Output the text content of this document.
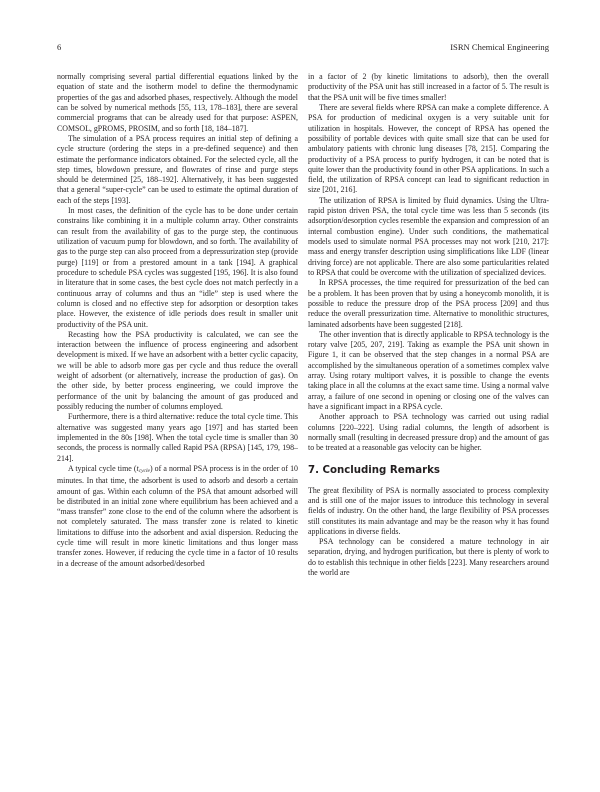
6	ISRN Chemical Engineering

normally comprising several partial differential equations linked by the equation of state and the isotherm model to define the thermodynamic properties of the gas and adsorbed phases, respectively. Although the model can be solved by numerical methods [55, 113, 178–183], there are several commercial programs that can be already used for that purpose: ASPEN, COMSOL, gPROMS, PROSIM, and so forth [18, 184–187].

The simulation of a PSA process requires an initial step of defining a cycle structure (ordering the steps in a pre-defined sequence) and then estimate the performance indicators obtained. For the selected cycle, all the step times, blowdown pressure, and flowrates of rinse and purge steps should be determined [25, 188–192]. Alternatively, it has been suggested that a general “super-cycle” can be used to estimate the optimal duration of each of the steps [193].

In most cases, the definition of the cycle has to be done under certain constrains like combining it in a multiple column array. Other constraints can result from the availability of gas to the purge step, the continuous utilization of vacuum pump for blowdown, and so forth. The availability of gas to the purge step can also proceed from a depressurization step (provide purge) [119] or from a prestored amount in a tank [194]. A graphical procedure to schedule PSA cycles was suggested [195, 196]. It is also found in literature that in some cases, the best cycle does not match perfectly in a continuous array of columns and thus an “idle” step is used where the column is closed and no effective step for adsorption or desorption takes place. However, the existence of idle periods does result in smaller unit productivity of the PSA unit.

Recasting how the PSA productivity is calculated, we can see the interaction between the influence of process engineering and adsorbent development is mixed. If we have an adsorbent with a better cyclic capacity, we will be able to adsorb more gas per cycle and thus reduce the overall weight of adsorbent (or alternatively, increase the production of gas). On the other side, by better process engineering, we could improve the performance of the unit by balancing the amount of gas produced and possibly reducing the number of columns employed.

Furthermore, there is a third alternative: reduce the total cycle time. This alternative was suggested many years ago [197] and has started been implemented in the 80s [198]. When the total cycle time is smaller than 30 seconds, the process is normally called Rapid PSA (RPSA) [145, 179, 198–214].

A typical cycle time (tcycle) of a normal PSA process is in the order of 10 minutes. In that time, the adsorbent is used to adsorb and desorb a certain amount of gas. Within each column of the PSA that amount adsorbed will be distributed in an initial zone where equilibrium has been achieved and a “mass transfer” zone close to the end of the column where the adsorbent is not completely saturated. The mass transfer zone is related to kinetic limitations to diffuse into the adsorbent and axial dispersion. Reducing the cycle time will result in more kinetic limitations and thus longer mass transfer zones. However, if reducing the cycle time in a factor of 10 results in a decrease of the amount adsorbed/desorbed

in a factor of 2 (by kinetic limitations to adsorb), then the overall productivity of the PSA unit has still increased in a factor of 5. The result is that the PSA unit will be five times smaller!

There are several fields where RPSA can make a complete difference. A PSA for production of medicinal oxygen is a very suitable unit for utilization in hospitals. However, the concept of RPSA has opened the possibility of portable devices with quite small size that can be used for ambulatory patients with chronic lung diseases [78, 215]. Comparing the productivity of a PSA process to purify hydrogen, it can be noted that is quite lower than the productivity found in other PSA applications. In such a field, the utilization of RPSA concept can lead to significant reduction in size [201, 216].

The utilization of RPSA is limited by fluid dynamics. Using the Ultra-rapid piston driven PSA, the total cycle time was less than 5 seconds (its adsorption/desorption cycles resemble the expansion and compression of an internal combustion engine). Under such conditions, the mathematical models used to simulate normal PSA processes may not work [210, 217]: mass and energy transfer description using simplifications like LDF (linear driving force) are not applicable. There are also some particularities related to RPSA that could be overcome with the utilization of specialized devices.

In RPSA processes, the time required for pressurization of the bed can be a problem. It has been proven that by using a honeycomb monolith, it is possible to reduce the pressure drop of the PSA process [209] and thus reduce the overall pressurization time. Alternative to monolithic structures, laminated adsorbents have been suggested [218].

The other invention that is directly applicable to RPSA technology is the rotary valve [205, 207, 219]. Taking as example the PSA unit shown in Figure 1, it can be observed that the step changes in a normal PSA are accomplished by the simultaneous operation of a sometimes complex valve array. Using rotary multiport valves, it is possible to change the events taking place in all the columns at the exact same time. Using a normal valve array, a failure of one second in opening or closing one of the valves can have a significant impact in a RPSA cycle.

Another approach to PSA technology was carried out using radial columns [220–222]. Using radial columns, the length of adsorbent is normally small (resulting in decreased pressure drop) and the amount of gas to be treated at a reasonable gas velocity can be higher.

7. Concluding Remarks

The great flexibility of PSA is normally associated to process complexity and is still one of the major issues to introduce this technology in several fields of industry. On the other hand, the large flexibility of PSA processes still constitutes its main advantage and may be the reason why it has found applications in diverse fields.

PSA technology can be considered a mature technology in air separation, drying, and hydrogen purification, but there is plenty of work to do to establish this technique in other fields [223]. Many researchers around the world are
